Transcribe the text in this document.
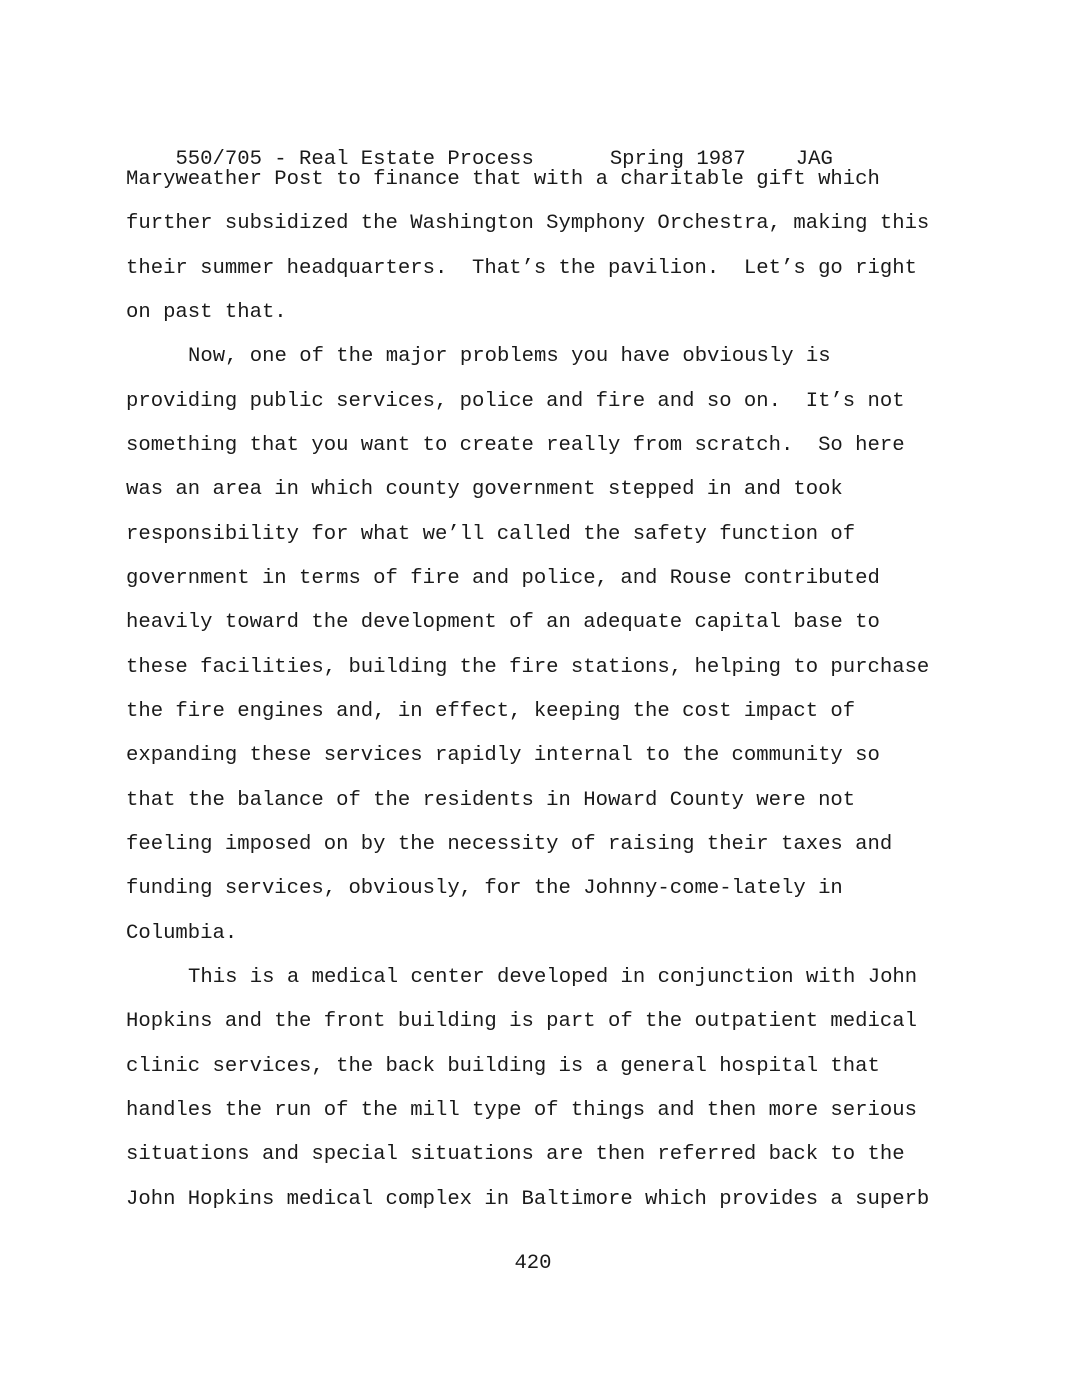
550/705 - Real Estate Process	Spring 1987 JAG

Maryweather Post to finance that with a charitable gift which
further subsidized the Washington Symphony Orchestra, making this
their summer headquarters.  That’s the pavilion.  Let’s go right
on past that.
Now, one of the major problems you have obviously is
providing public services, police and fire and so on.  It’s not
something that you want to create really from scratch.  So here
was an area in which county government stepped in and took
responsibility for what we’ll called the safety function of
government in terms of fire and police, and Rouse contributed
heavily toward the development of an adequate capital base to
these facilities, building the fire stations, helping to purchase
the fire engines and, in effect, keeping the cost impact of
expanding these services rapidly internal to the community so
that the balance of the residents in Howard County were not
feeling imposed on by the necessity of raising their taxes and
funding services, obviously, for the Johnny-come-lately in
Columbia.
This is a medical center developed in conjunction with John
Hopkins and the front building is part of the outpatient medical
clinic services, the back building is a general hospital that
handles the run of the mill type of things and then more serious
situations and special situations are then referred back to the
John Hopkins medical complex in Baltimore which provides a superb
420
